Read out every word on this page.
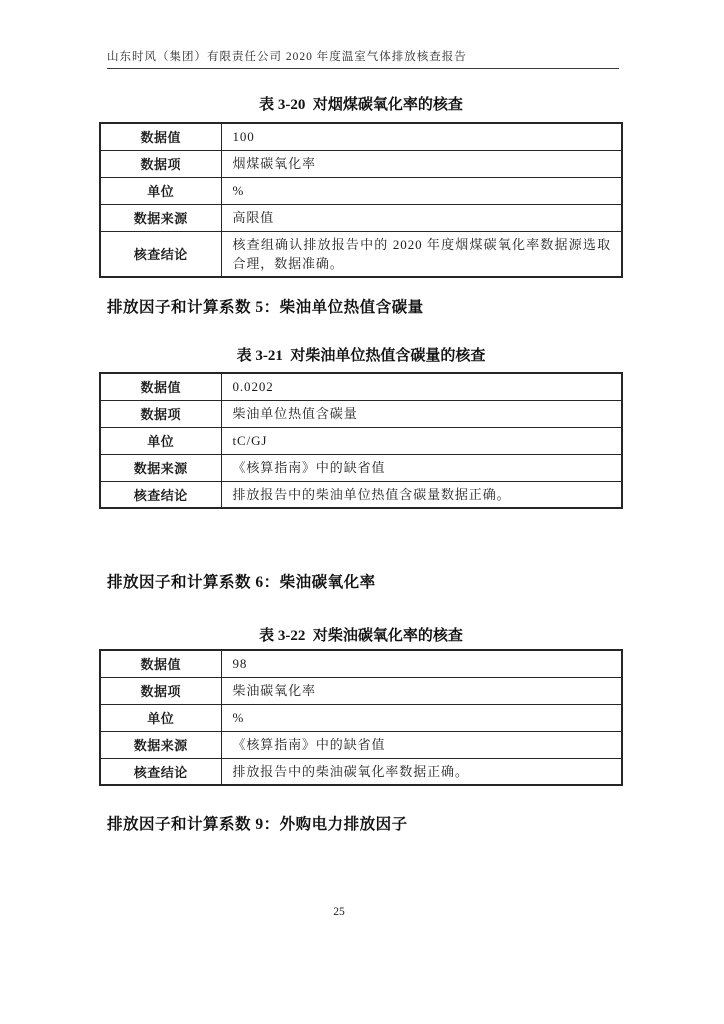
山东时风（集团）有限责任公司 2020 年度温室气体排放核查报告
表 3-20  对烟煤碳氧化率的核查
数据值	100
数据项	烟煤碳氧化率
单位	%
数据来源	高限值
核查结论	核查组确认排放报告中的 2020 年度烟煤碳氧化率数据源选取合理，数据准确。
排放因子和计算系数 5：柴油单位热值含碳量
表 3-21  对柴油单位热值含碳量的核查
数据值	0.0202
数据项	柴油单位热值含碳量
单位	tC/GJ
数据来源	《核算指南》中的缺省值
核查结论	排放报告中的柴油单位热值含碳量数据正确。
排放因子和计算系数 6：柴油碳氧化率
表 3-22  对柴油碳氧化率的核查
数据值	98
数据项	柴油碳氧化率
单位	%
数据来源	《核算指南》中的缺省值
核查结论	排放报告中的柴油碳氧化率数据正确。
排放因子和计算系数 9：外购电力排放因子
25
